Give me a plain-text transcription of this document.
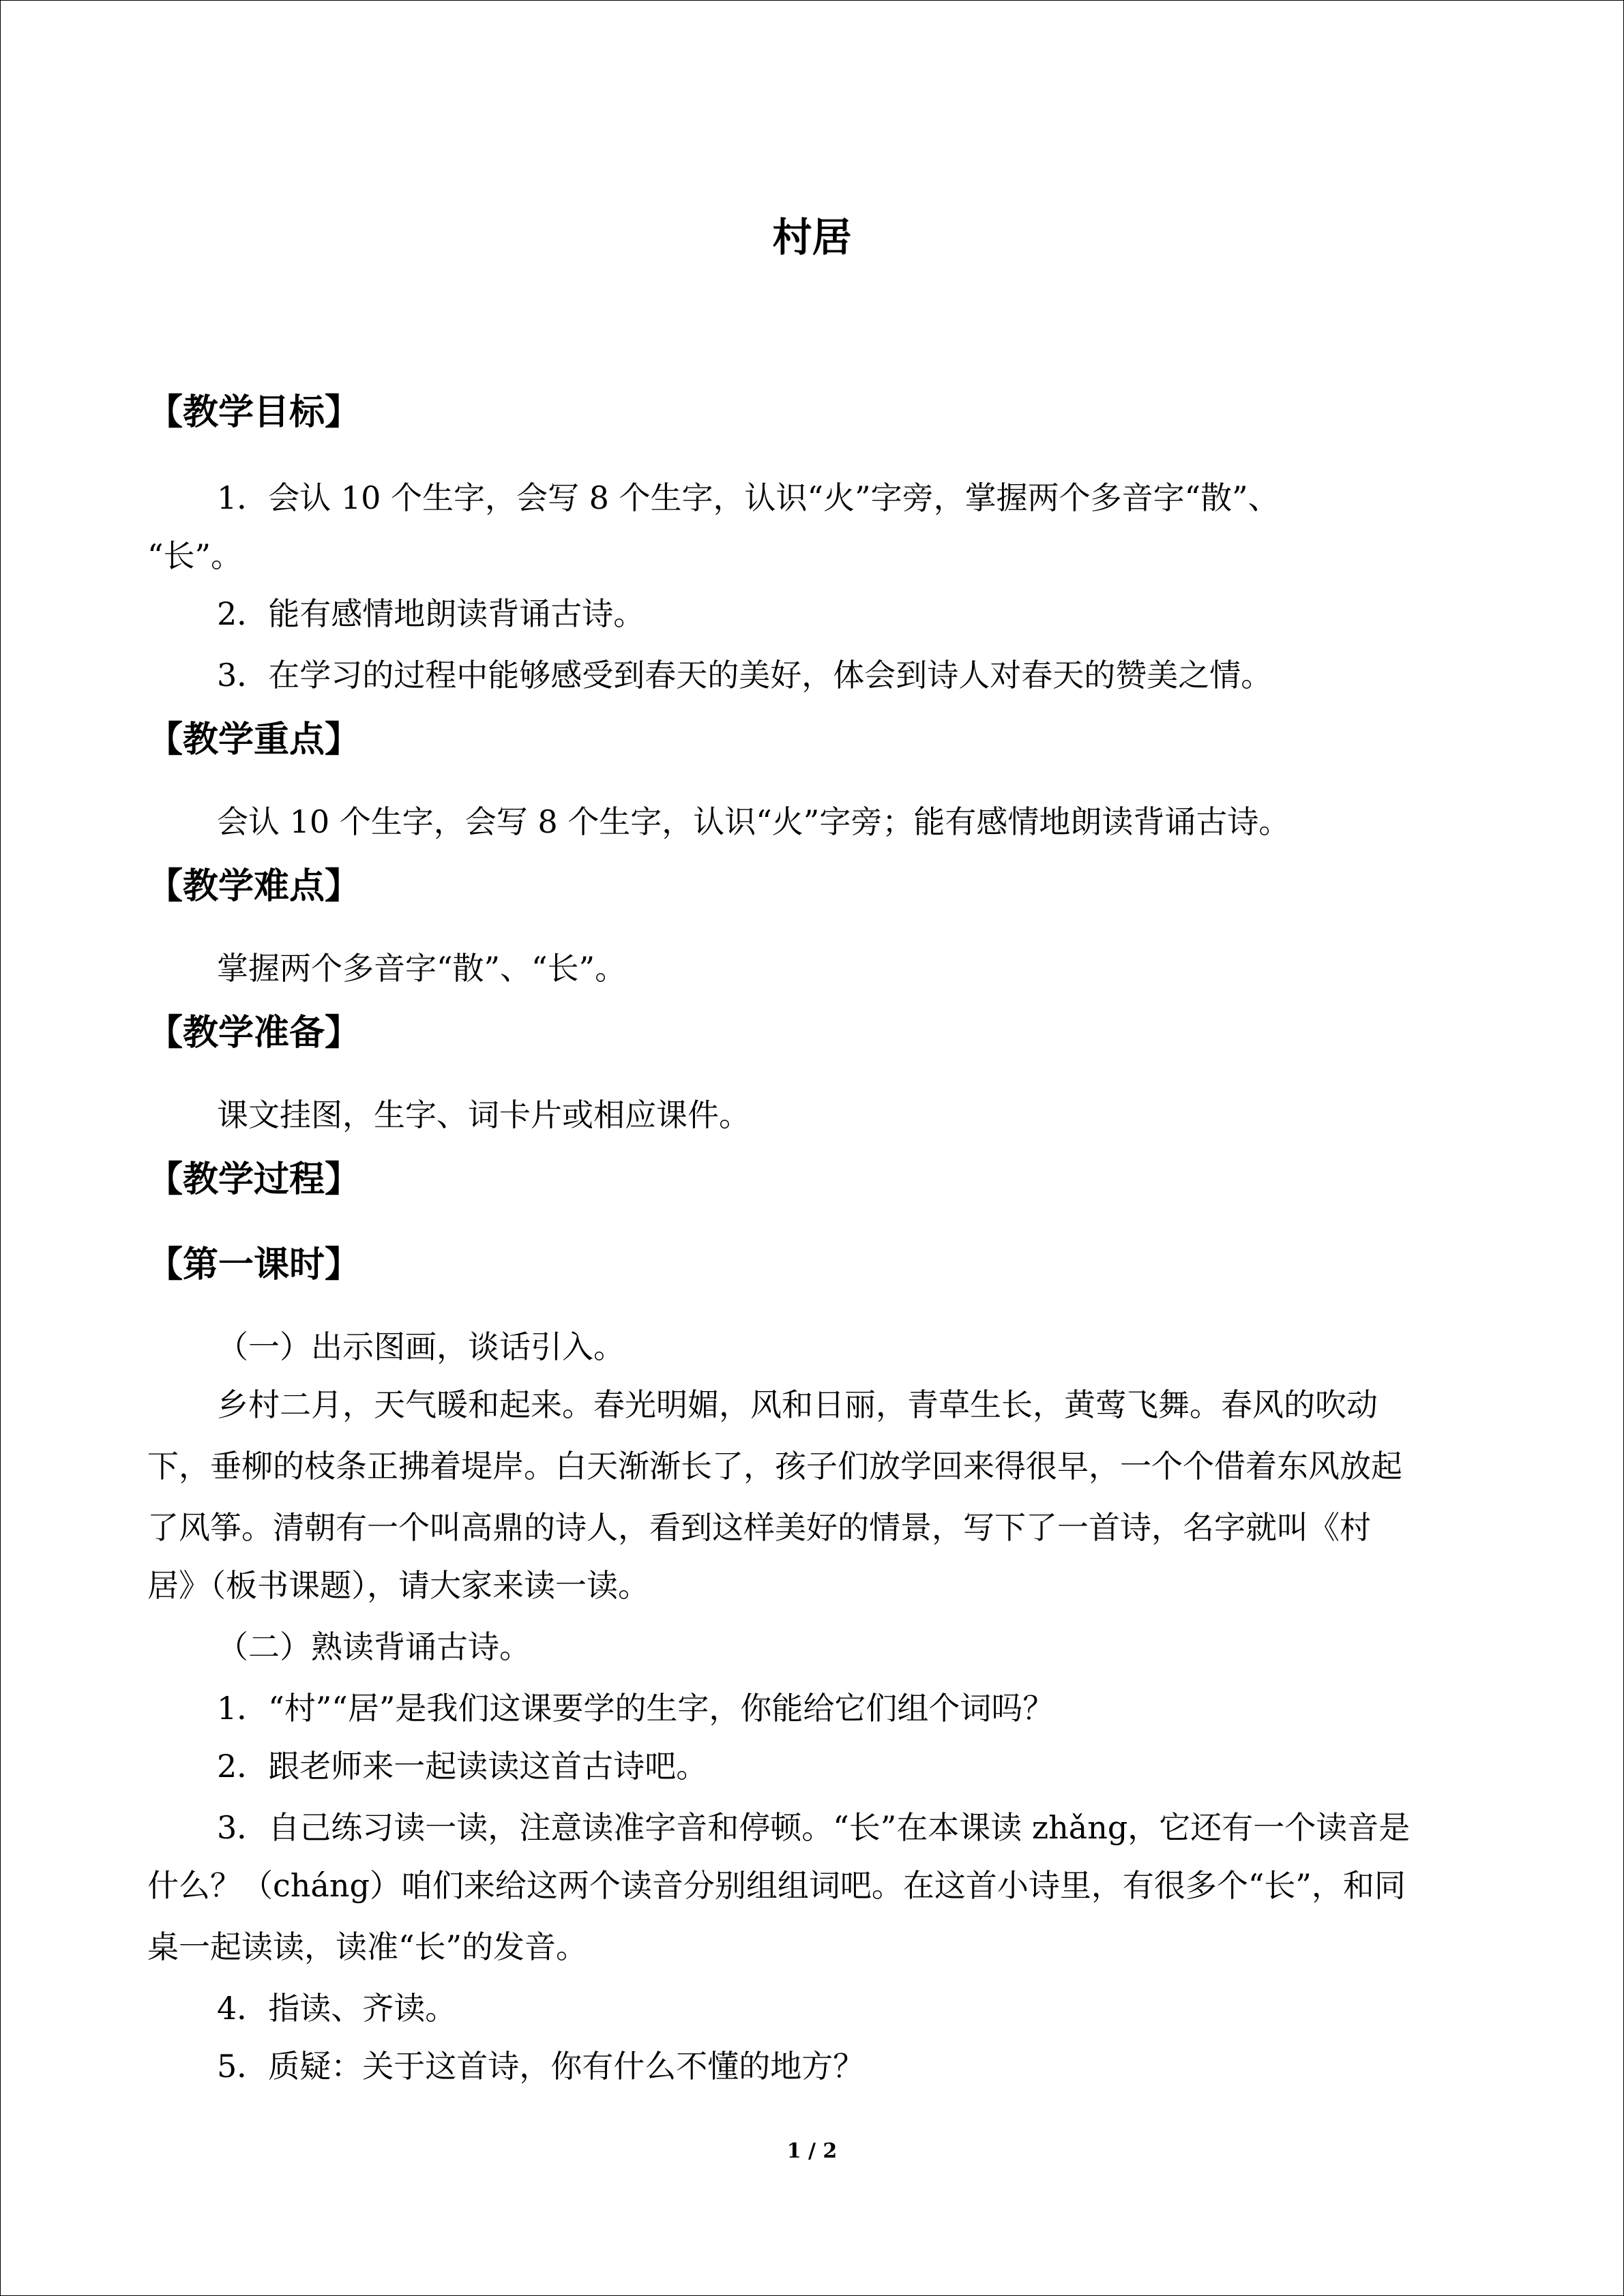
村居
【教学目标】
1．会认 10 个生字，会写 8 个生字，认识“火”字旁，掌握两个多音字“散”、
“长”。
2．能有感情地朗读背诵古诗。
3．在学习的过程中能够感受到春天的美好，体会到诗人对春天的赞美之情。
【教学重点】
会认 10 个生字，会写 8 个生字，认识“火”字旁；能有感情地朗读背诵古诗。
【教学难点】
掌握两个多音字“散”、“长”。
【教学准备】
课文挂图，生字、词卡片或相应课件。
【教学过程】
【第一课时】
（一）出示图画，谈话引入。
乡村二月，天气暖和起来。春光明媚，风和日丽，青草生长，黄莺飞舞。春风的吹动
下，垂柳的枝条正拂着堤岸。白天渐渐长了，孩子们放学回来得很早，一个个借着东风放起
了风筝。清朝有一个叫高鼎的诗人，看到这样美好的情景，写下了一首诗，名字就叫《村
居》（板书课题），请大家来读一读。
（二）熟读背诵古诗。
1．“村”“居”是我们这课要学的生字，你能给它们组个词吗？
2．跟老师来一起读读这首古诗吧。
3．自己练习读一读，注意读准字音和停顿。“长”在本课读 zhǎng，它还有一个读音是
什么？（cháng）咱们来给这两个读音分别组组词吧。在这首小诗里，有很多个“长”，和同
桌一起读读，读准“长”的发音。
4．指读、齐读。
5．质疑：关于这首诗，你有什么不懂的地方？
1 / 2
